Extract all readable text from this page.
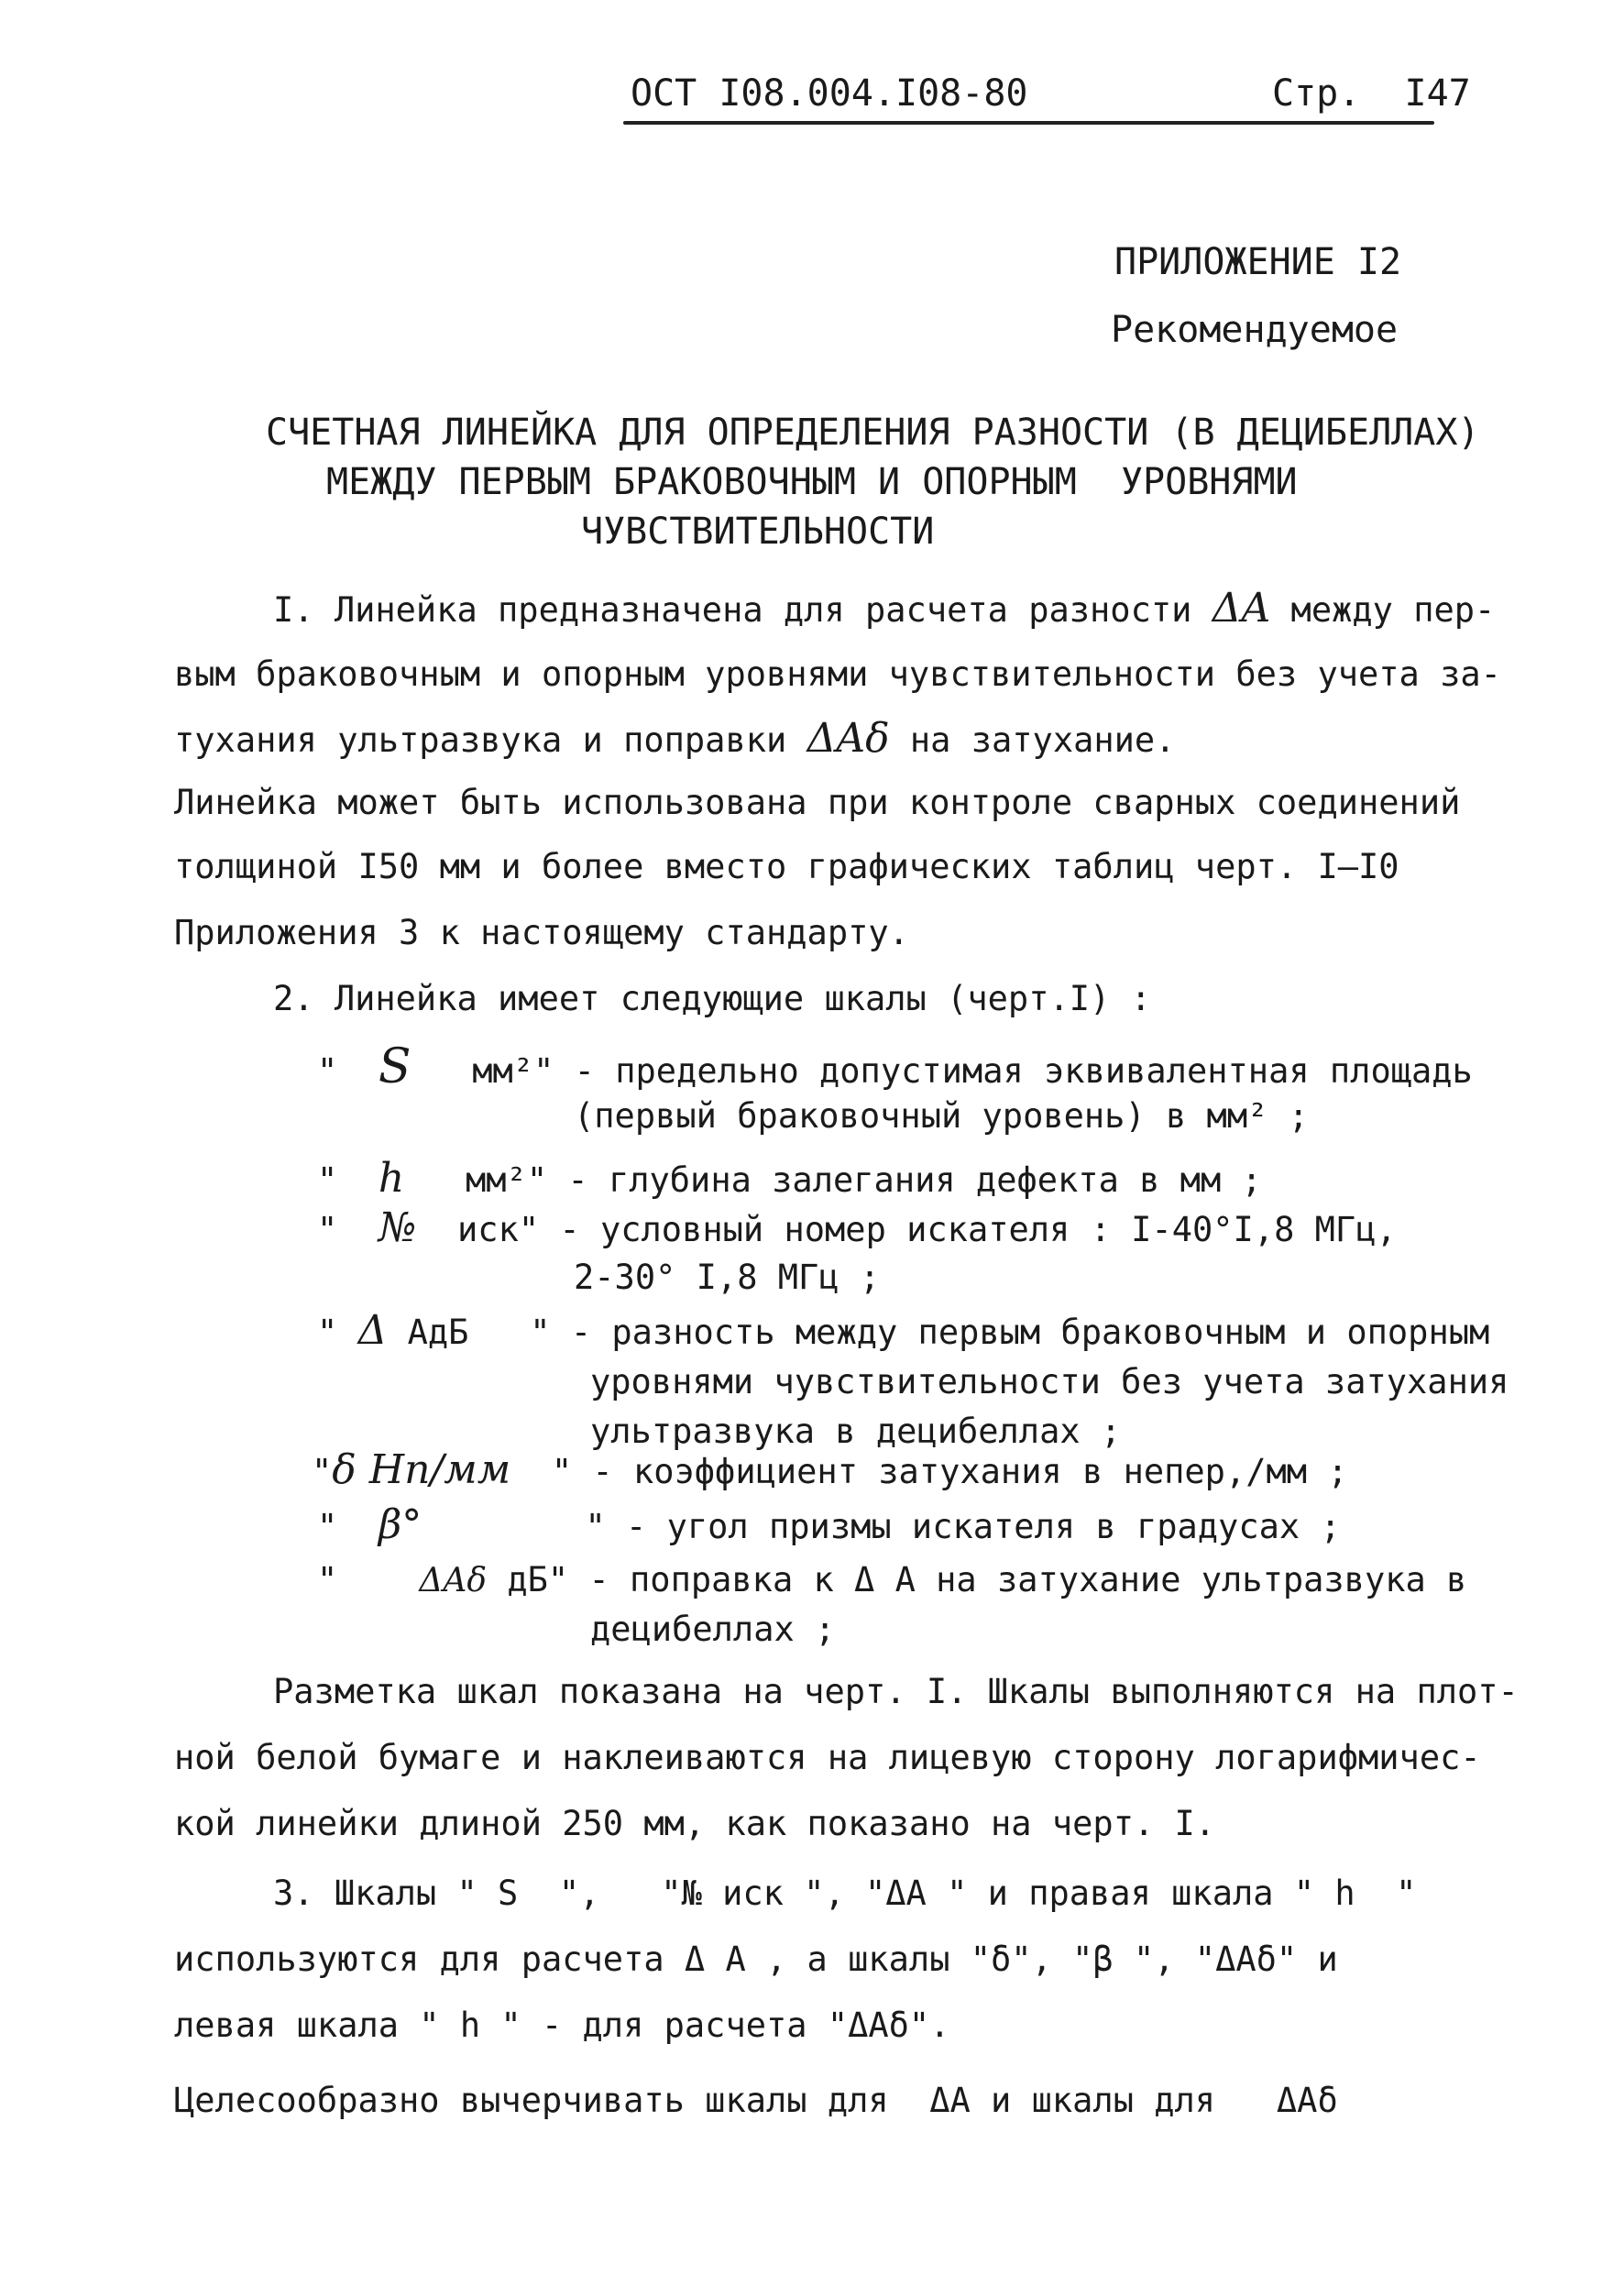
ОСТ I08.004.I08-80	Стр.  I47
ПРИЛОЖЕНИЕ I2
Рекомендуемое
СЧЕТНАЯ ЛИНЕЙКА ДЛЯ ОПРЕДЕЛЕНИЯ РАЗНОСТИ (В ДЕЦИБЕЛЛАХ)
МЕЖДУ ПЕРВЫМ БРАКОВОЧНЫМ И ОПОРНЫМ  УРОВНЯМИ
ЧУВСТВИТЕЛЬНОСТИ
I. Линейка предназначена для расчета разности ΔA между пер-
вым браковочным и опорным уровнями чувствительности без учета за-
тухания ультразвука и поправки ΔAδ на затухание.
Линейка может быть использована при контроле сварных соединений
толщиной I50 мм и более вместо графических таблиц черт. I—I0
Приложения 3 к настоящему стандарту.
2. Линейка имеет следующие шкалы (черт.I) :
"  S мм²" - предельно допустимая эквивалентная площадь
(первый браковочный уровень) в мм² ;
"  h мм²" - глубина залегания дефекта в мм ;
"  № иск" - условный номер искателя : I-40°I,8 МГц,
2-30° I,8 МГц ;
" Δ АдБ   " - разность между первым браковочным и опорным
уровнями чувствительности без учета затухания
ультразвука в децибеллах ;
"δ Нп/мм " - коэффициент затухания в непер,/мм ;
"  β°	" - угол призмы искателя в градусах ;
"    ΔAδ дБ" - поправка к Δ А на затухание ультразвука в
децибеллах ;
Разметка шкал показана на черт. I. Шкалы выполняются на плот-
ной белой бумаге и наклеиваются на лицевую сторону логарифмичес-
кой линейки длиной 250 мм, как показано на черт. I.
3. Шкалы " S  ",   "№ иск ", "ΔА " и правая шкала " h  "
используются для расчета Δ А , а шкалы "δ", "β ", "ΔAδ" и
левая шкала " h " - для расчета "ΔAδ".
Целесообразно вычерчивать шкалы для  ΔА и шкалы для   ΔАδ
